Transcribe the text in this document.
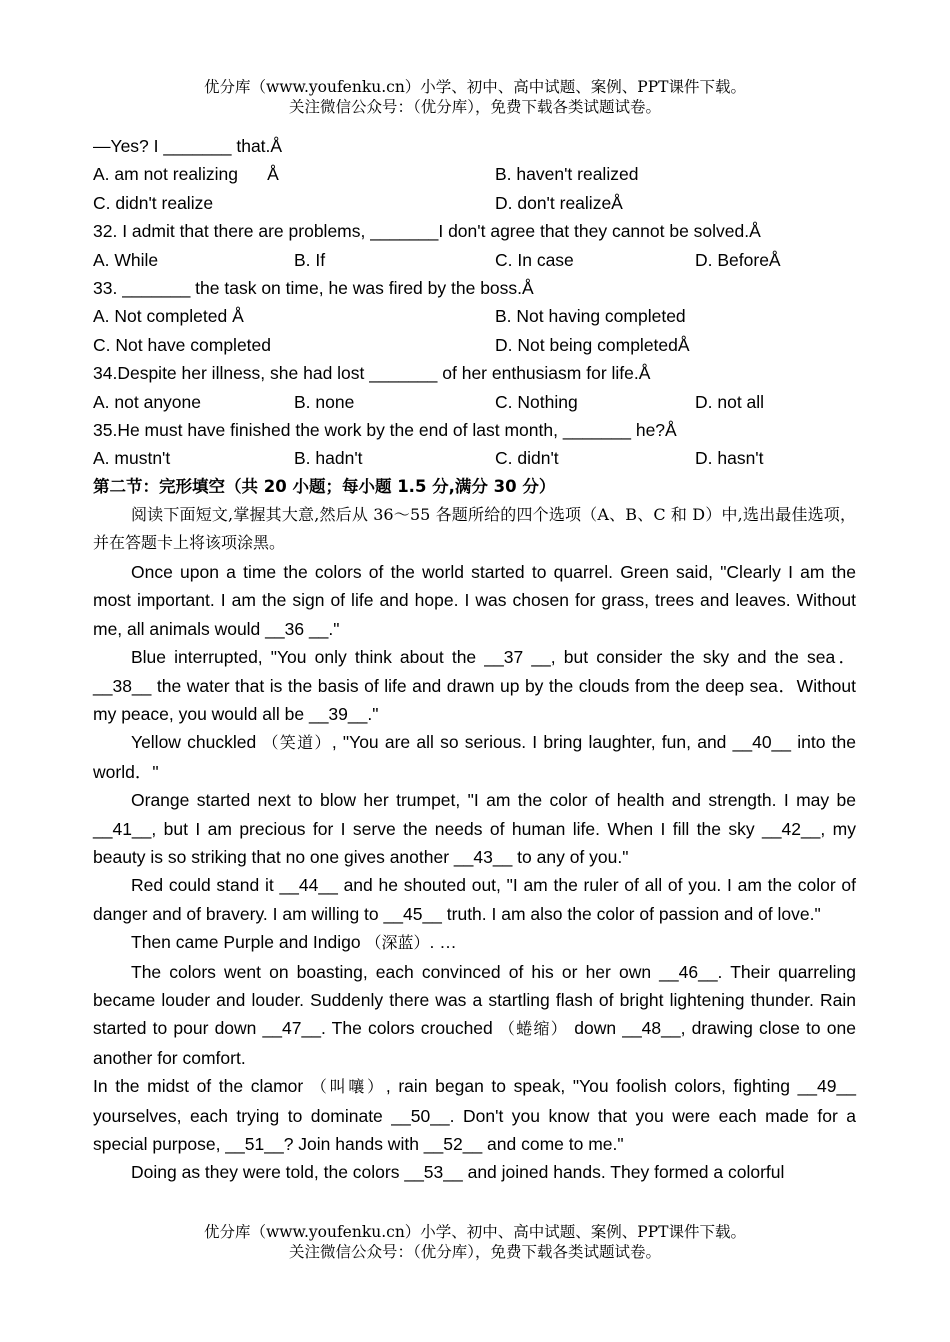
优分库（www.youfenku.cn）小学、初中、高中试题、案例、PPT课件下载。
关注微信公众号：（优分库），免费下载各类试题试卷。
—Yes? I _______ that.Å
A. am not realizing      Å	B. haven't realized
C. didn't realize	D. don't realizeÅ
32. I admit that there are problems, _______I don't agree that they cannot be solved.Å
A. While	B. If	C. In case	D. BeforeÅ
33. _______ the task on time, he was fired by the boss.Å
A. Not completed Å	B. Not having completed
C. Not have completed	D. Not being completedÅ
34.Despite her illness, she had lost _______ of her enthusiasm for life.Å
A. not anyone	B. none	C. Nothing	D. not all
35.He must have finished the work by the end of last month, _______ he?Å
A. mustn't	B. hadn't	C. didn't	D. hasn't
第二节：完形填空（共 20 小题；每小题 1.5 分,满分 30 分）

阅读下面短文,掌握其大意,然后从 36～55 各题所给的四个选项（A、B、C 和 D）中,选出最佳选项，并在答题卡上将该项涂黑。

Once upon a time the colors of the world started to quarrel. Green said, "Clearly I am the most important. I am the sign of life and hope. I was chosen for grass, trees and leaves. Without me, all animals would __36 __."

Blue interrupted, "You only think about the __37 __, but consider the sky and the sea．__38__ the water that is the basis of life and drawn up by the clouds from the deep sea．Without my peace, you would all be __39__."

Yellow chuckled （笑道）, "You are all so serious. I bring laughter, fun, and __40__ into the world．"

Orange started next to blow her trumpet, "I am the color of health and strength. I may be __41__, but I am precious for I serve the needs of human life. When I fill the sky __42__, my beauty is so striking that no one gives another __43__ to any of you."

Red could stand it __44__ and he shouted out, "I am the ruler of all of you. I am the color of danger and of bravery. I am willing to __45__ truth. I am also the color of passion and of love."

Then came Purple and Indigo （深蓝）. …

The colors went on boasting, each convinced of his or her own __46__. Their quarreling became louder and louder. Suddenly there was a startling flash of bright lightening thunder. Rain started to pour down __47__. The colors crouched （蜷缩） down __48__, drawing close to one another for comfort.

In the midst of the clamor （叫嚷）, rain began to speak, "You foolish colors, fighting __49__ yourselves, each trying to dominate __50__. Don't you know that you were each made for a special purpose, __51__? Join hands with __52__ and come to me."

Doing as they were told, the colors __53__ and joined hands. They formed a colorful

优分库（www.youfenku.cn）小学、初中、高中试题、案例、PPT课件下载。
关注微信公众号：（优分库），免费下载各类试题试卷。
